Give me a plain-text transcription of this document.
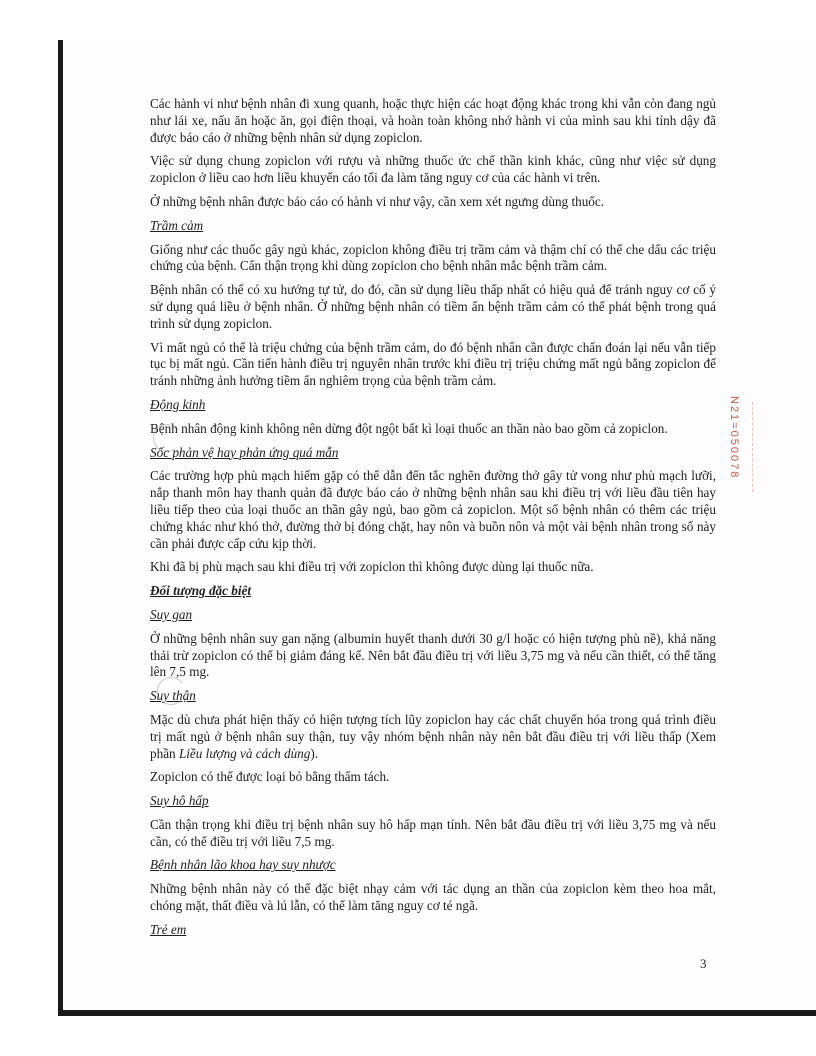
N21=050078

Các hành vi như bệnh nhân đi xung quanh, hoặc thực hiện các hoạt động khác trong khi vẫn còn đang ngủ như lái xe, nấu ăn hoặc ăn, gọi điện thoại, và hoàn toàn không nhớ hành vi của mình sau khi tỉnh dậy đã được báo cáo ở những bệnh nhân sử dụng zopiclon.

Việc sử dụng chung zopiclon với rượu và những thuốc ức chế thần kinh khác, cũng như việc sử dụng zopiclon ở liều cao hơn liều khuyến cáo tối đa làm tăng nguy cơ của các hành vi trên.

Ở những bệnh nhân được báo cáo có hành vi như vậy, cần xem xét ngưng dùng thuốc.

Trầm cảm

Giống như các thuốc gây ngủ khác, zopiclon không điều trị trầm cảm và thậm chí có thể che dấu các triệu chứng của bệnh. Cẩn thận trọng khi dùng zopiclon cho bệnh nhân mắc bệnh trầm cảm.

Bệnh nhân có thể có xu hướng tự tử, do đó, cần sử dụng liều thấp nhất có hiệu quả để tránh nguy cơ cố ý sử dụng quá liều ở bệnh nhân. Ở những bệnh nhân có tiềm ẩn bệnh trầm cảm có thể phát bệnh trong quá trình sử dụng zopiclon.

Vì mất ngủ có thể là triệu chứng của bệnh trầm cảm, do đó bệnh nhân cần được chẩn đoán lại nếu vẫn tiếp tục bị mất ngủ. Cần tiến hành điều trị nguyên nhân trước khi điều trị triệu chứng mất ngủ bằng zopiclon để tránh những ảnh hưởng tiềm ẩn nghiêm trọng của bệnh trầm cảm.

Động kinh

Bệnh nhân động kinh không nên dừng đột ngột bất kì loại thuốc an thần nào bao gồm cả zopiclon.

Sốc phản vệ hay phản ứng quá mẫn

Các trường hợp phù mạch hiếm gặp có thể dẫn đến tắc nghẽn đường thở gây tử vong như phù mạch lưỡi, nắp thanh môn hay thanh quản đã được báo cáo ở những bệnh nhân sau khi điều trị với liều đầu tiên hay liều tiếp theo của loại thuốc an thần gây ngủ, bao gồm cả zopiclon. Một số bệnh nhân có thêm các triệu chứng khác như khó thở, đường thở bị đóng chặt, hay nôn và buồn nôn và một vài bệnh nhân trong số này cần phải được cấp cứu kịp thời.

Khi đã bị phù mạch sau khi điều trị với zopiclon thì không được dùng lại thuốc nữa.

Đối tượng đặc biệt
Suy gan

Ở những bệnh nhân suy gan nặng (albumin huyết thanh dưới 30 g/l hoặc có hiện tượng phù nề), khả năng thải trừ zopiclon có thể bị giảm đáng kể. Nên bắt đầu điều trị với liều 3,75 mg và nếu cần thiết, có thể tăng lên 7,5 mg.

Suy thận

Mặc dù chưa phát hiện thấy có hiện tượng tích lũy zopiclon hay các chất chuyển hóa trong quá trình điều trị mất ngủ ở bệnh nhân suy thận, tuy vậy nhóm bệnh nhân này nên bắt đầu điều trị với liều thấp (Xem phần Liều lượng và cách dùng).

Zopiclon có thể được loại bỏ bằng thẩm tách.

Suy hô hấp

Cần thận trọng khi điều trị bệnh nhân suy hô hấp mạn tính. Nên bắt đầu điều trị với liều 3,75 mg và nếu cần, có thể điều trị với liều 7,5 mg.

Bệnh nhân lão khoa hay suy nhược

Những bệnh nhân này có thể đặc biệt nhạy cảm với tác dụng an thần của zopiclon kèm theo hoa mắt, chóng mặt, thất điều và lú lẫn, có thể làm tăng nguy cơ té ngã.

Trẻ em
3
